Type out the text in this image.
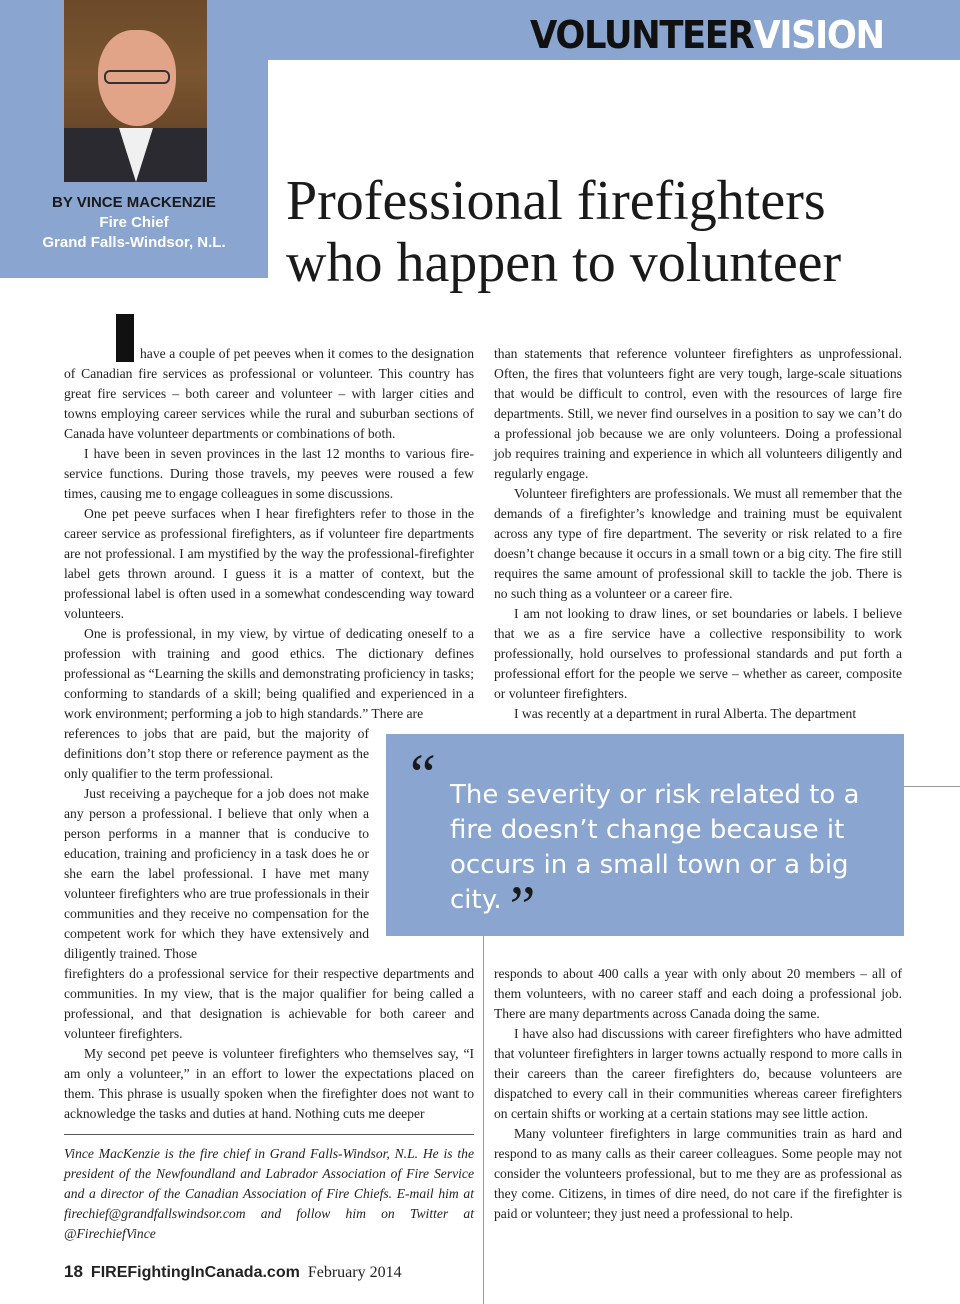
BY VINCE MACKENZIE
Fire Chief
Grand Falls-Windsor, N.L.
VOLUNTEERVISION
Professional firefighters
who happen to volunteer

have a couple of pet peeves when it comes to the designation of Canadian fire services as professional or volunteer. This country has great fire services – both career and volunteer – with larger cities and towns employing career services while the rural and suburban sections of Canada have volunteer departments or combinations of both.

I have been in seven provinces in the last 12 months to various fire-service functions. During those travels, my peeves were roused a few times, causing me to engage colleagues in some discussions.

One pet peeve surfaces when I hear firefighters refer to those in the career service as professional firefighters, as if volunteer fire departments are not professional. I am mystified by the way the professional-firefighter label gets thrown around. I guess it is a matter of context, but the professional label is often used in a somewhat condescending way toward volunteers.

One is professional, in my view, by virtue of dedicating oneself to a profession with training and good ethics. The dictionary defines professional as “Learning the skills and demonstrating proficiency in tasks; conforming to standards of a skill; being qualified and experienced in a work environment; performing a job to high standards.” There are

references to jobs that are paid, but the majority of definitions don’t stop there or reference payment as the only qualifier to the term professional.

Just receiving a paycheque for a job does not make any person a professional. I believe that only when a person performs in a manner that is conducive to education, training and proficiency in a task does he or she earn the label professional. I have met many volunteer firefighters who are true professionals in their communities and they receive no compensation for the competent work for which they have extensively and diligently trained. Those

firefighters do a professional service for their respective departments and communities. In my view, that is the major qualifier for being called a professional, and that designation is achievable for both career and volunteer firefighters.

My second pet peeve is volunteer firefighters who themselves say, “I am only a volunteer,” in an effort to lower the expectations placed on them. This phrase is usually spoken when the firefighter does not want to acknowledge the tasks and duties at hand. Nothing cuts me deeper

than statements that reference volunteer firefighters as unprofessional. Often, the fires that volunteers fight are very tough, large-scale situations that would be difficult to control, even with the resources of large fire departments. Still, we never find ourselves in a position to say we can’t do a professional job because we are only volunteers. Doing a professional job requires training and experience in which all volunteers diligently and regularly engage.

Volunteer firefighters are professionals. We must all remember that the demands of a firefighter’s knowledge and training must be equivalent across any type of fire department. The severity or risk related to a fire doesn’t change because it occurs in a small town or a big city. The fire still requires the same amount of professional skill to tackle the job. There is no such thing as a volunteer or a career fire.

I am not looking to draw lines, or set boundaries or labels. I believe that we as a fire service have a collective responsibility to work professionally, hold ourselves to professional standards and put forth a professional effort for the people we serve – whether as career, composite or volunteer firefighters.

I was recently at a department in rural Alberta. The department

“ The severity or risk related to a fire doesn’t change because it occurs in a small town or a big city. ”

responds to about 400 calls a year with only about 20 members – all of them volunteers, with no career staff and each doing a professional job. There are many departments across Canada doing the same.

I have also had discussions with career firefighters who have admitted that volunteer firefighters in larger towns actually respond to more calls in their careers than the career firefighters do, because volunteers are dispatched to every call in their communities whereas career firefighters on certain shifts or working at a certain stations may see little action.

Many volunteer firefighters in large communities train as hard and respond to as many calls as their career colleagues. Some people may not consider the volunteers professional, but to me they are as professional as they come. Citizens, in times of dire need, do not care if the firefighter is paid or volunteer; they just need a professional to help.

Vince MacKenzie is the fire chief in Grand Falls-Windsor, N.L. He is the president of the Newfoundland and Labrador Association of Fire Service and a director of the Canadian Association of Fire Chiefs. E-mail him at firechief@grandfallswindsor.com and follow him on Twitter at @FirechiefVince
18 FIREFightingInCanada.com February 2014
